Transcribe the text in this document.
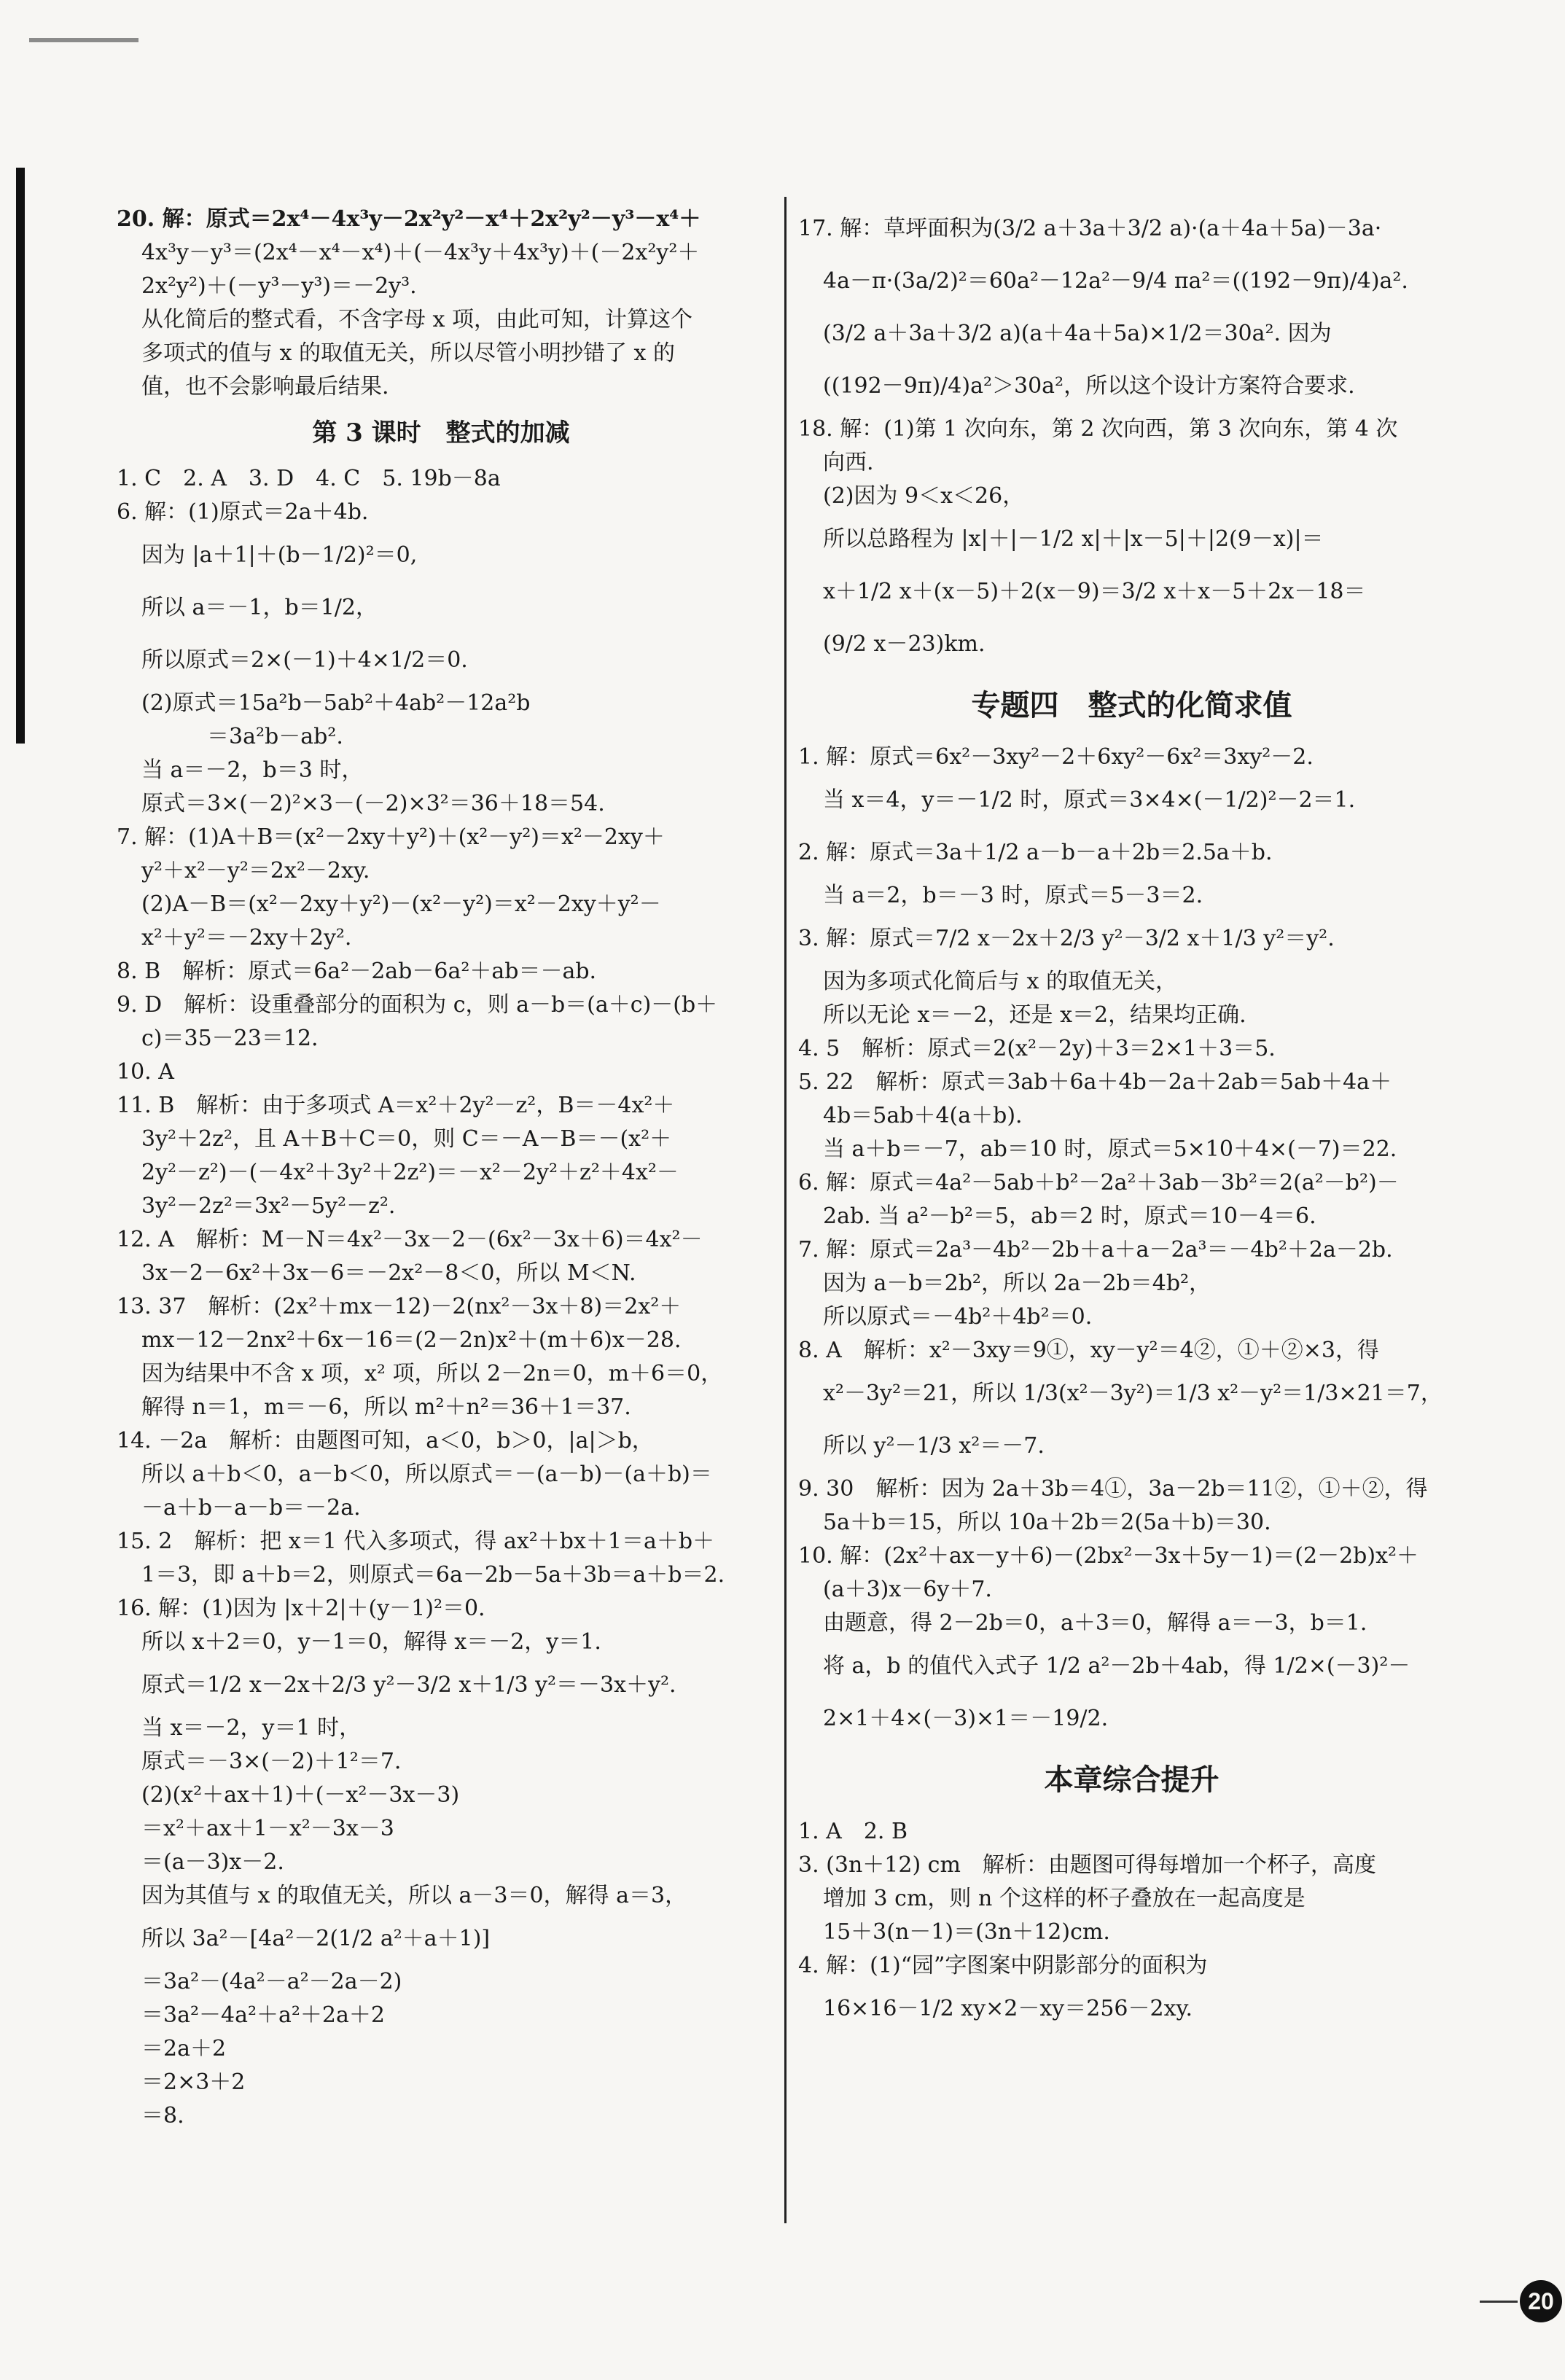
20. 解：原式＝2x⁴－4x³y－2x²y²－x⁴＋2x²y²－y³－x⁴＋
4x³y－y³＝(2x⁴－x⁴－x⁴)＋(－4x³y＋4x³y)＋(－2x²y²＋
2x²y²)＋(－y³－y³)＝－2y³.
从化简后的整式看，不含字母 x 项，由此可知，计算这个
多项式的值与 x 的取值无关，所以尽管小明抄错了 x 的
值，也不会影响最后结果.
第 3 课时　整式的加减
1. C　2. A　3. D　4. C　5. 19b－8a
6. 解：(1)原式＝2a＋4b.
因为 |a＋1|＋(b－1/2)²＝0,
所以 a＝－1，b＝1/2，
所以原式＝2×(－1)＋4×1/2＝0.
(2)原式＝15a²b－5ab²＋4ab²－12a²b
　　　＝3a²b－ab².
当 a＝－2，b＝3 时，
原式＝3×(－2)²×3－(－2)×3²＝36＋18＝54.
7. 解：(1)A＋B＝(x²－2xy＋y²)＋(x²－y²)＝x²－2xy＋
y²＋x²－y²＝2x²－2xy.
(2)A－B＝(x²－2xy＋y²)－(x²－y²)＝x²－2xy＋y²－
x²＋y²＝－2xy＋2y².
8. B　解析：原式＝6a²－2ab－6a²＋ab＝－ab.
9. D　解析：设重叠部分的面积为 c，则 a－b＝(a＋c)－(b＋
c)＝35－23＝12.
10. A
11. B　解析：由于多项式 A＝x²＋2y²－z²，B＝－4x²＋
3y²＋2z²，且 A＋B＋C＝0，则 C＝－A－B＝－(x²＋
2y²－z²)－(－4x²＋3y²＋2z²)＝－x²－2y²＋z²＋4x²－
3y²－2z²＝3x²－5y²－z².
12. A　解析：M－N＝4x²－3x－2－(6x²－3x＋6)＝4x²－
3x－2－6x²＋3x－6＝－2x²－8＜0，所以 M＜N.
13. 37　解析：(2x²＋mx－12)－2(nx²－3x＋8)＝2x²＋
mx－12－2nx²＋6x－16＝(2－2n)x²＋(m＋6)x－28.
因为结果中不含 x 项，x² 项，所以 2－2n＝0，m＋6＝0，
解得 n＝1，m＝－6，所以 m²＋n²＝36＋1＝37.
14. －2a　解析：由题图可知，a＜0，b＞0，|a|＞b，
所以 a＋b＜0，a－b＜0，所以原式＝－(a－b)－(a＋b)＝
－a＋b－a－b＝－2a.
15. 2　解析：把 x＝1 代入多项式，得 ax²＋bx＋1＝a＋b＋
1＝3，即 a＋b＝2，则原式＝6a－2b－5a＋3b＝a＋b＝2.
16. 解：(1)因为 |x＋2|＋(y－1)²＝0.
所以 x＋2＝0，y－1＝0，解得 x＝－2，y＝1.
原式＝1/2 x－2x＋2/3 y²－3/2 x＋1/3 y²＝－3x＋y².
当 x＝－2，y＝1 时，
原式＝－3×(－2)＋1²＝7.
(2)(x²＋ax＋1)＋(－x²－3x－3)
＝x²＋ax＋1－x²－3x－3
＝(a－3)x－2.
因为其值与 x 的取值无关，所以 a－3＝0，解得 a＝3，
所以 3a²－[4a²－2(1/2 a²＋a＋1)]
＝3a²－(4a²－a²－2a－2)
＝3a²－4a²＋a²＋2a＋2
＝2a＋2
＝2×3＋2
＝8.
17. 解：草坪面积为(3/2 a＋3a＋3/2 a)·(a＋4a＋5a)－3a·
4a－π·(3a/2)²＝60a²－12a²－9/4 πa²＝((192－9π)/4)a².
(3/2 a＋3a＋3/2 a)(a＋4a＋5a)×1/2＝30a². 因为
((192－9π)/4)a²＞30a²，所以这个设计方案符合要求.
18. 解：(1)第 1 次向东，第 2 次向西，第 3 次向东，第 4 次
向西.
(2)因为 9＜x＜26，
所以总路程为 |x|＋|－1/2 x|＋|x－5|＋|2(9－x)|＝
x＋1/2 x＋(x－5)＋2(x－9)＝3/2 x＋x－5＋2x－18＝
(9/2 x－23)km.
专题四　整式的化简求值
1. 解：原式＝6x²－3xy²－2＋6xy²－6x²＝3xy²－2.
当 x＝4，y＝－1/2 时，原式＝3×4×(－1/2)²－2＝1.
2. 解：原式＝3a＋1/2 a－b－a＋2b＝2.5a＋b.
当 a＝2，b＝－3 时，原式＝5－3＝2.
3. 解：原式＝7/2 x－2x＋2/3 y²－3/2 x＋1/3 y²＝y².
因为多项式化简后与 x 的取值无关，
所以无论 x＝－2，还是 x＝2，结果均正确.
4. 5　解析：原式＝2(x²－2y)＋3＝2×1＋3＝5.
5. 22　解析：原式＝3ab＋6a＋4b－2a＋2ab＝5ab＋4a＋
4b＝5ab＋4(a＋b).
当 a＋b＝－7，ab＝10 时，原式＝5×10＋4×(－7)＝22.
6. 解：原式＝4a²－5ab＋b²－2a²＋3ab－3b²＝2(a²－b²)－
2ab. 当 a²－b²＝5，ab＝2 时，原式＝10－4＝6.
7. 解：原式＝2a³－4b²－2b＋a＋a－2a³＝－4b²＋2a－2b.
因为 a－b＝2b²，所以 2a－2b＝4b²，
所以原式＝－4b²＋4b²＝0.
8. A　解析：x²－3xy＝9①，xy－y²＝4②，①＋②×3，得
x²－3y²＝21，所以 1/3(x²－3y²)＝1/3 x²－y²＝1/3×21＝7，
所以 y²－1/3 x²＝－7.
9. 30　解析：因为 2a＋3b＝4①，3a－2b＝11②，①＋②，得
5a＋b＝15，所以 10a＋2b＝2(5a＋b)＝30.
10. 解：(2x²＋ax－y＋6)－(2bx²－3x＋5y－1)＝(2－2b)x²＋
(a＋3)x－6y＋7.
由题意，得 2－2b＝0，a＋3＝0，解得 a＝－3，b＝1.
将 a，b 的值代入式子 1/2 a²－2b＋4ab，得 1/2×(－3)²－
2×1＋4×(－3)×1＝－19/2.
本章综合提升
1. A　2. B
3. (3n＋12) cm　解析：由题图可得每增加一个杯子，高度
增加 3 cm，则 n 个这样的杯子叠放在一起高度是
15＋3(n－1)＝(3n＋12)cm.
4. 解：(1)“园”字图案中阴影部分的面积为
16×16－1/2 xy×2－xy＝256－2xy.
20
